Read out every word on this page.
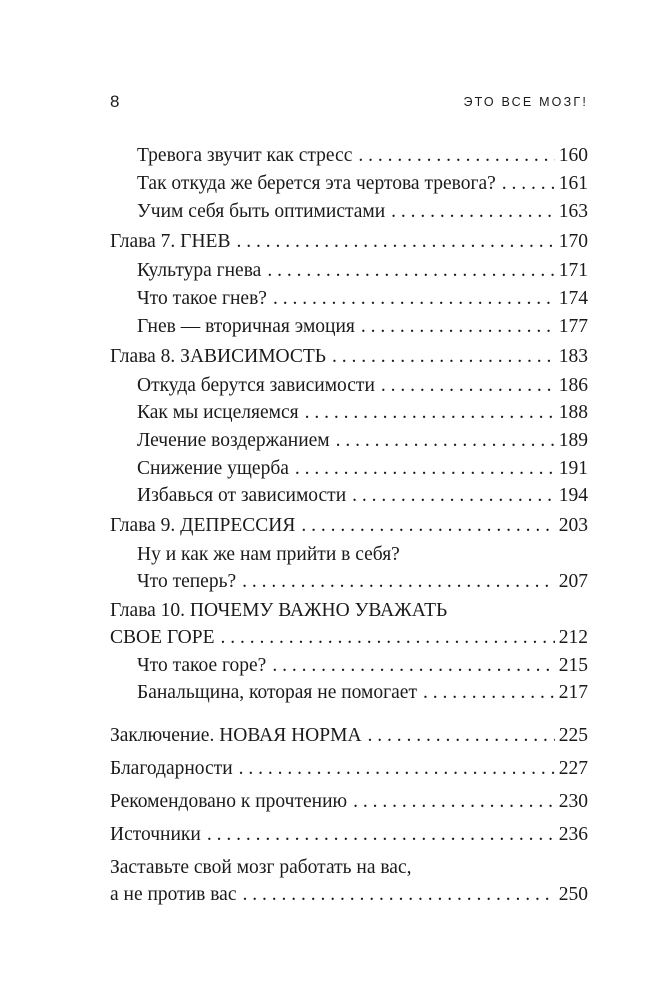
8	ЭТО ВСЕ МОЗГ!
Тревога звучит как стресс . . .	160
Так откуда же берется эта чертова тревога? . . .	161
Учим себя быть оптимистами . . .	163
Глава 7. ГНЕВ . . .	170
Культура гнева . . .	171
Что такое гнев? . . .	174
Гнев — вторичная эмоция . . .	177
Глава 8. ЗАВИСИМОСТЬ . . .	183
Откуда берутся зависимости . . .	186
Как мы исцеляемся . . .	188
Лечение воздержанием . . .	189
Снижение ущерба . . .	191
Избавься от зависимости . . .	194
Глава 9. ДЕПРЕССИЯ . . .	203
Ну и как же нам прийти в себя?
Что теперь? . . .	207
Глава 10. ПОЧЕМУ ВАЖНО УВАЖАТЬ
СВОЕ ГОРЕ . . .	212
Что такое горе? . . .	215
Банальщина, которая не помогает . . .	217
Заключение. НОВАЯ НОРМА . . .	225
Благодарности . . .	227
Рекомендовано к прочтению . . .	230
Источники . . .	236
Заставьте свой мозг работать на вас,
а не против вас . . .	250
